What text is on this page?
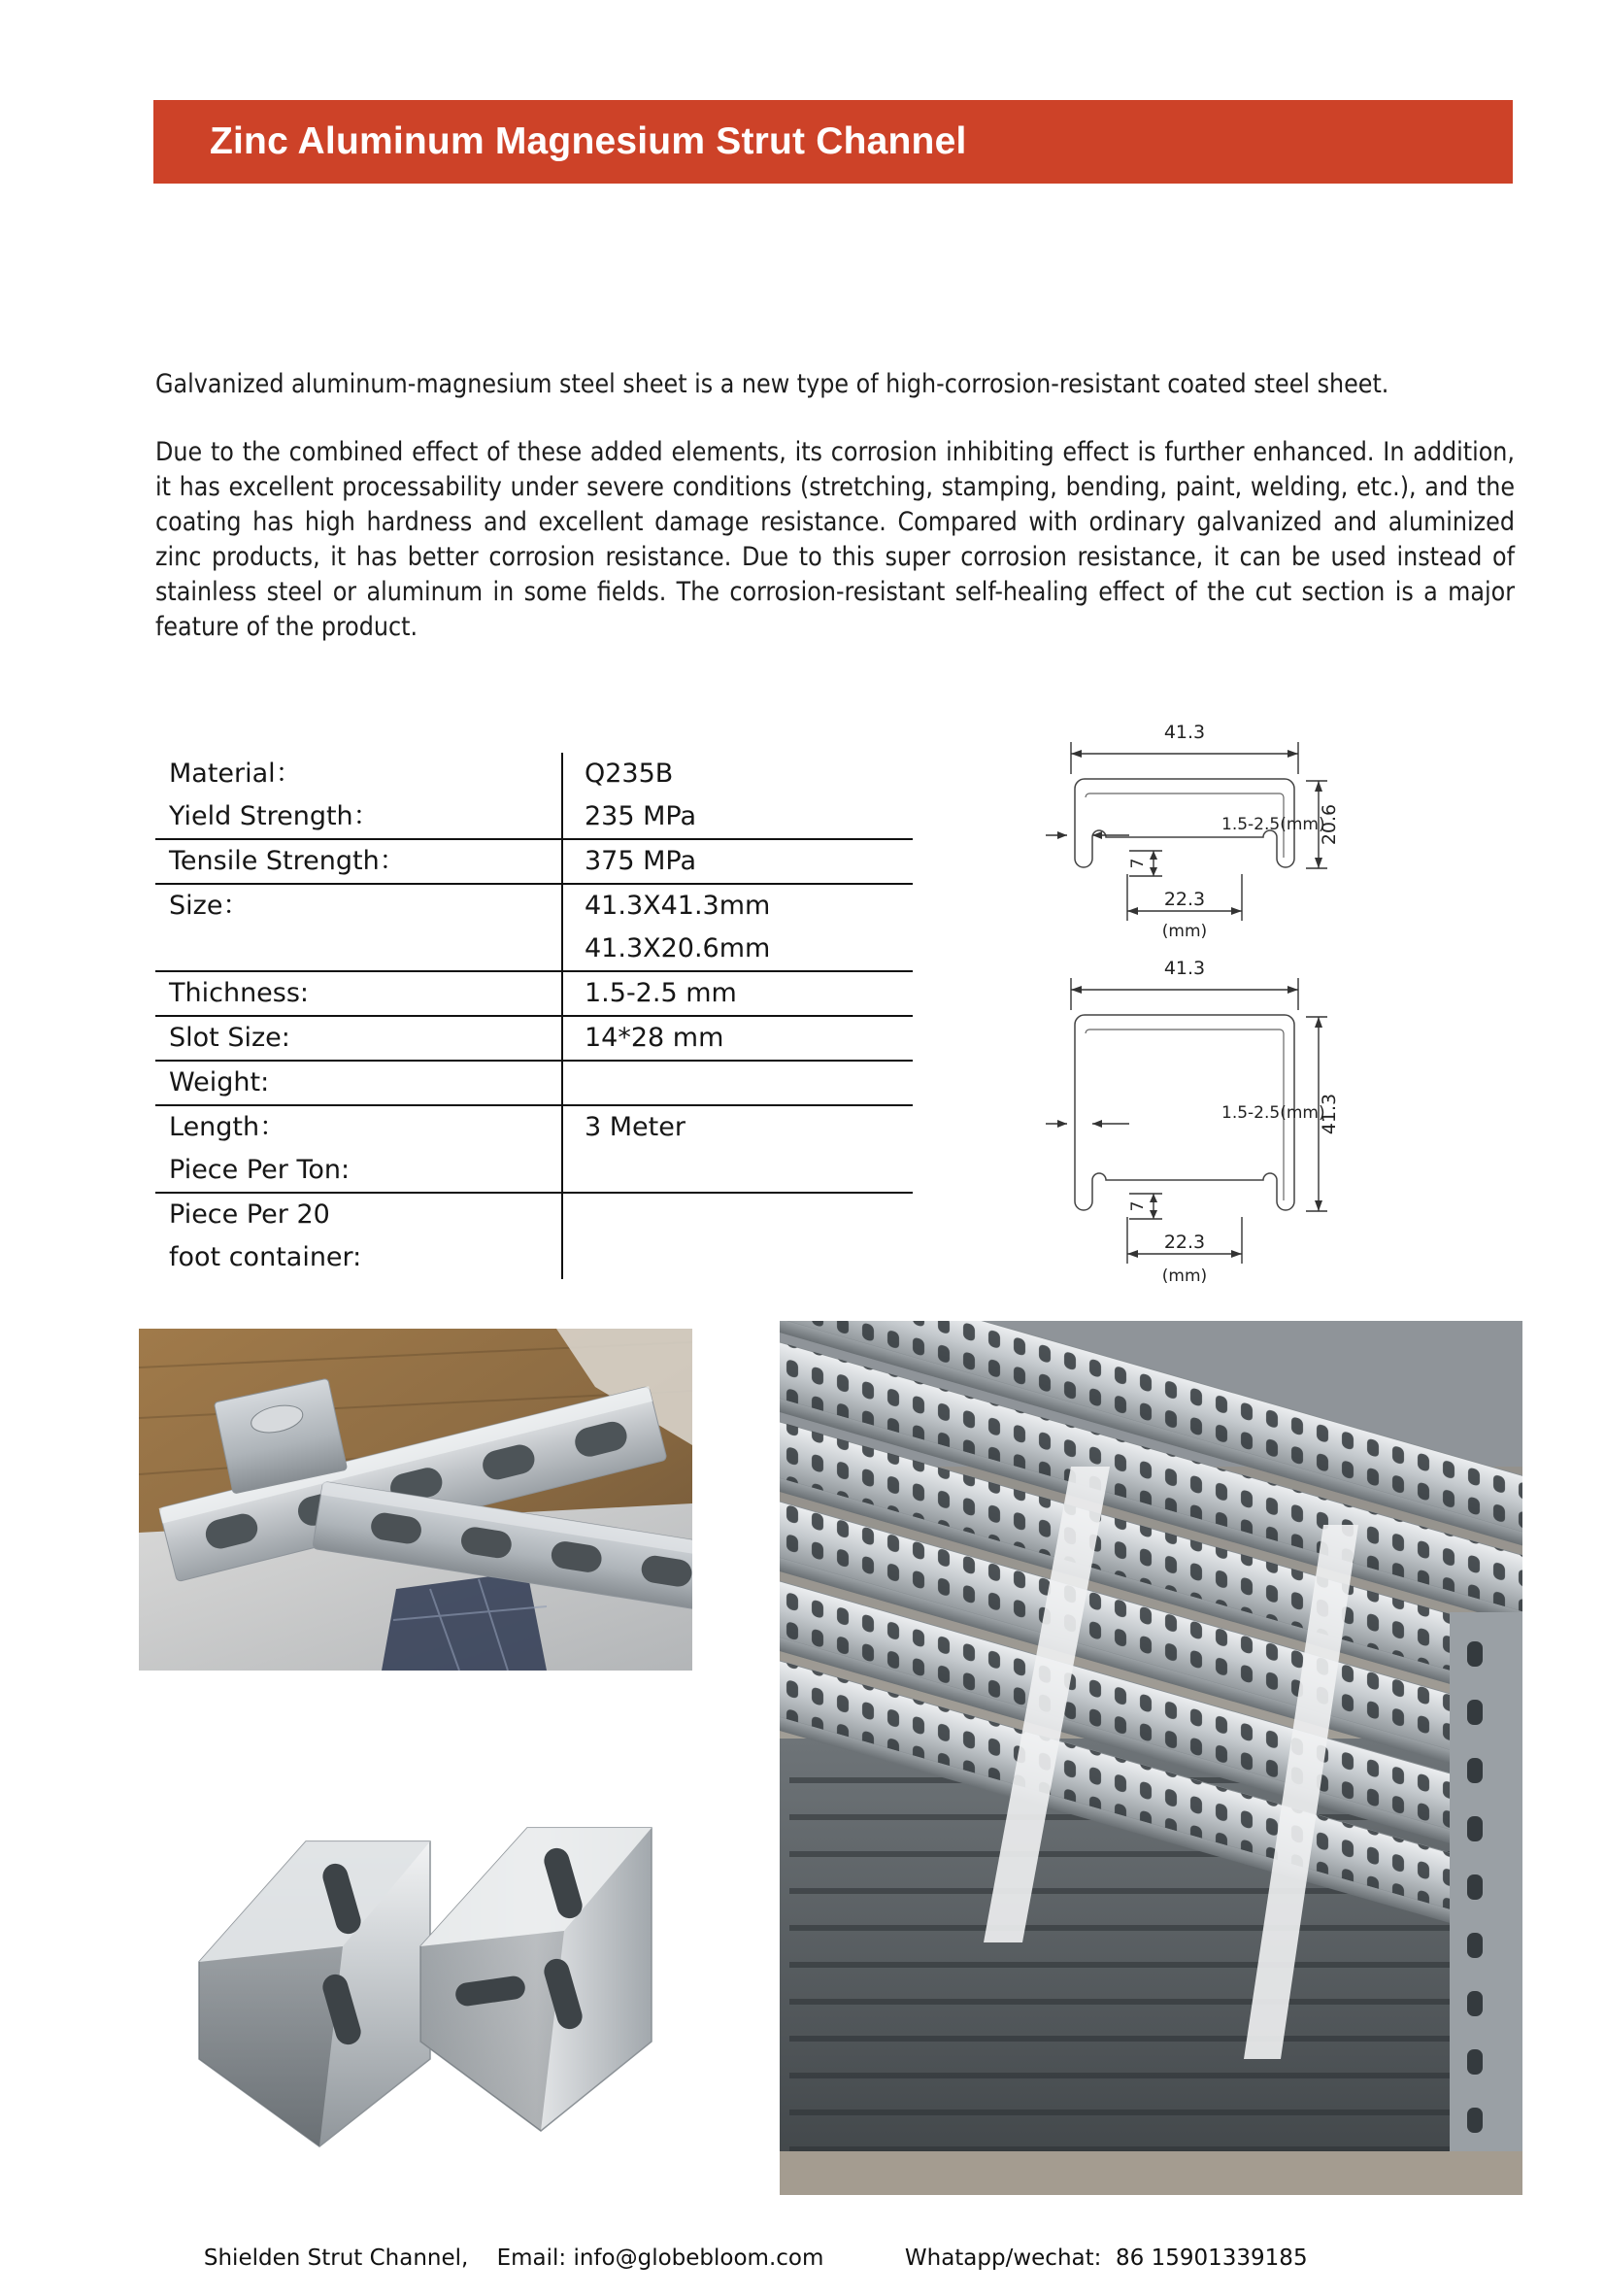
Zinc Aluminum Magnesium Strut Channel

Galvanized aluminum-magnesium steel sheet is a new type of high-corrosion-resistant coated steel sheet.

Due to the combined effect of these added elements, its corrosion inhibiting effect is further enhanced. In addition, it has excellent processability under severe conditions (stretching, stamping, bending, paint, welding, etc.), and the coating has high hardness and excellent damage resistance. Compared with ordinary galvanized and aluminized zinc products, it has better corrosion resistance. Due to this super corrosion resistance, it can be used instead of stainless steel or aluminum in some fields. The corrosion-resistant self-healing effect of the cut section is a major feature of the product.

Material：	Q235B
Yield Strength：	235 MPa
Tensile Strength：	375 MPa
Size：	41.3X41.3mm
41.3X20.6mm
Thichness:	1.5-2.5 mm
Slot Size:	14*28 mm
Weight:
Length：	3 Meter
Piece Per Ton:
Piece Per 20
foot container:
41.3
1.5-2.5(mm)
20.6
7
22.3
(mm)
41.3
1.5-2.5(mm)
41.3
7
22.3
(mm)

Shielden Strut Channel, Email: info@globebloom.com
	Whatapp/wechat: 86 15901339185
